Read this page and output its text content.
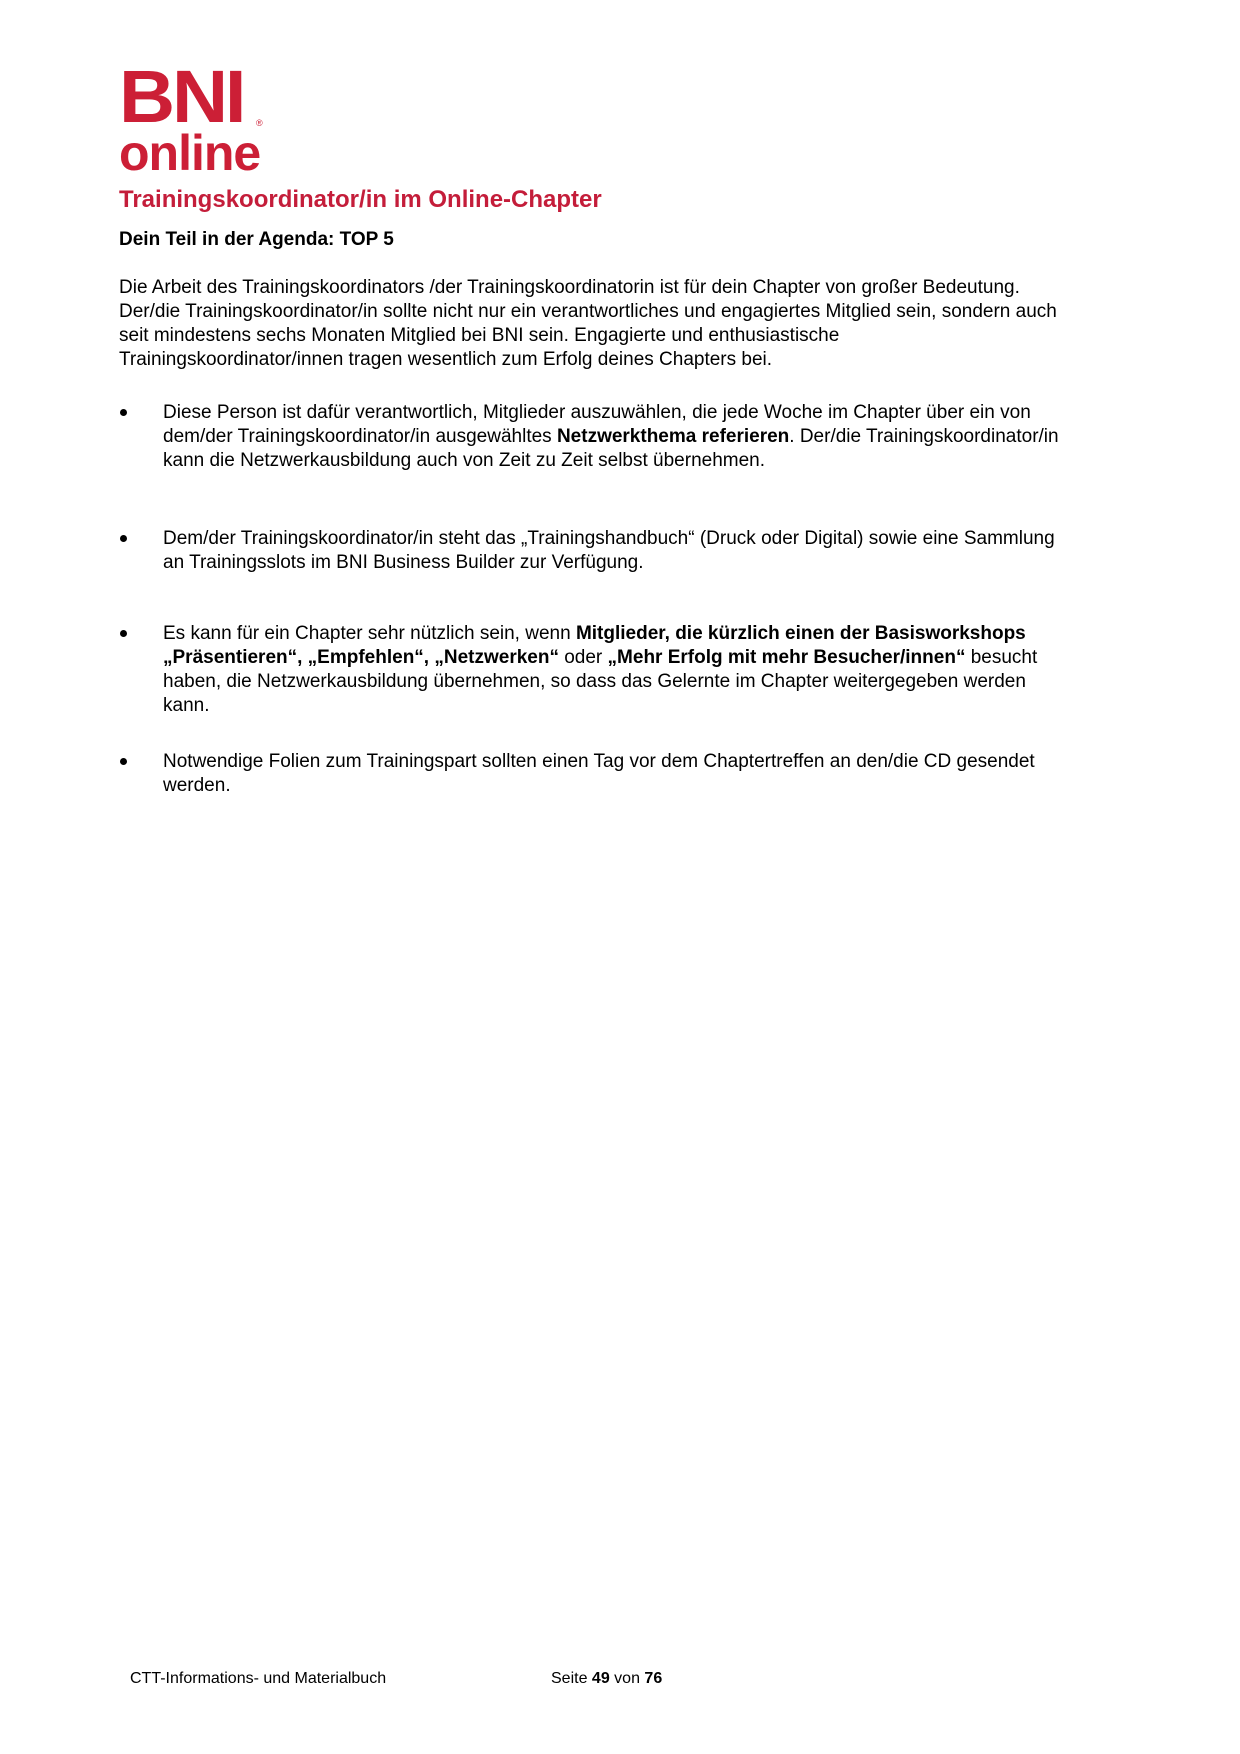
BNI ®
online
Trainingskoordinator/in im Online-Chapter
Dein Teil in der Agenda: TOP 5

Die Arbeit des Trainingskoordinators /der Trainingskoordinatorin ist für dein Chapter von großer Bedeutung.
Der/die Trainingskoordinator/in sollte nicht nur ein verantwortliches und engagiertes Mitglied sein, sondern auch
seit mindestens sechs Monaten Mitglied bei BNI sein. Engagierte und enthusiastische
Trainingskoordinator/innen tragen wesentlich zum Erfolg deines Chapters bei.

Diese Person ist dafür verantwortlich, Mitglieder auszuwählen, die jede Woche im Chapter über ein von
dem/der Trainingskoordinator/in ausgewähltes Netzwerkthema referieren. Der/die Trainingskoordinator/in
kann die Netzwerkausbildung auch von Zeit zu Zeit selbst übernehmen.
Dem/der Trainingskoordinator/in steht das „Trainingshandbuch“ (Druck oder Digital) sowie eine Sammlung
an Trainingsslots im BNI Business Builder zur Verfügung.
Es kann für ein Chapter sehr nützlich sein, wenn Mitglieder, die kürzlich einen der Basisworkshops
„Präsentieren“, „Empfehlen“, „Netzwerken“ oder „Mehr Erfolg mit mehr Besucher/innen“ besucht
haben, die Netzwerkausbildung übernehmen, so dass das Gelernte im Chapter weitergegeben werden
kann.
Notwendige Folien zum Trainingspart sollten einen Tag vor dem Chaptertreffen an den/die CD gesendet
werden.
CTT-Informations- und Materialbuch	Seite 49 von 76
